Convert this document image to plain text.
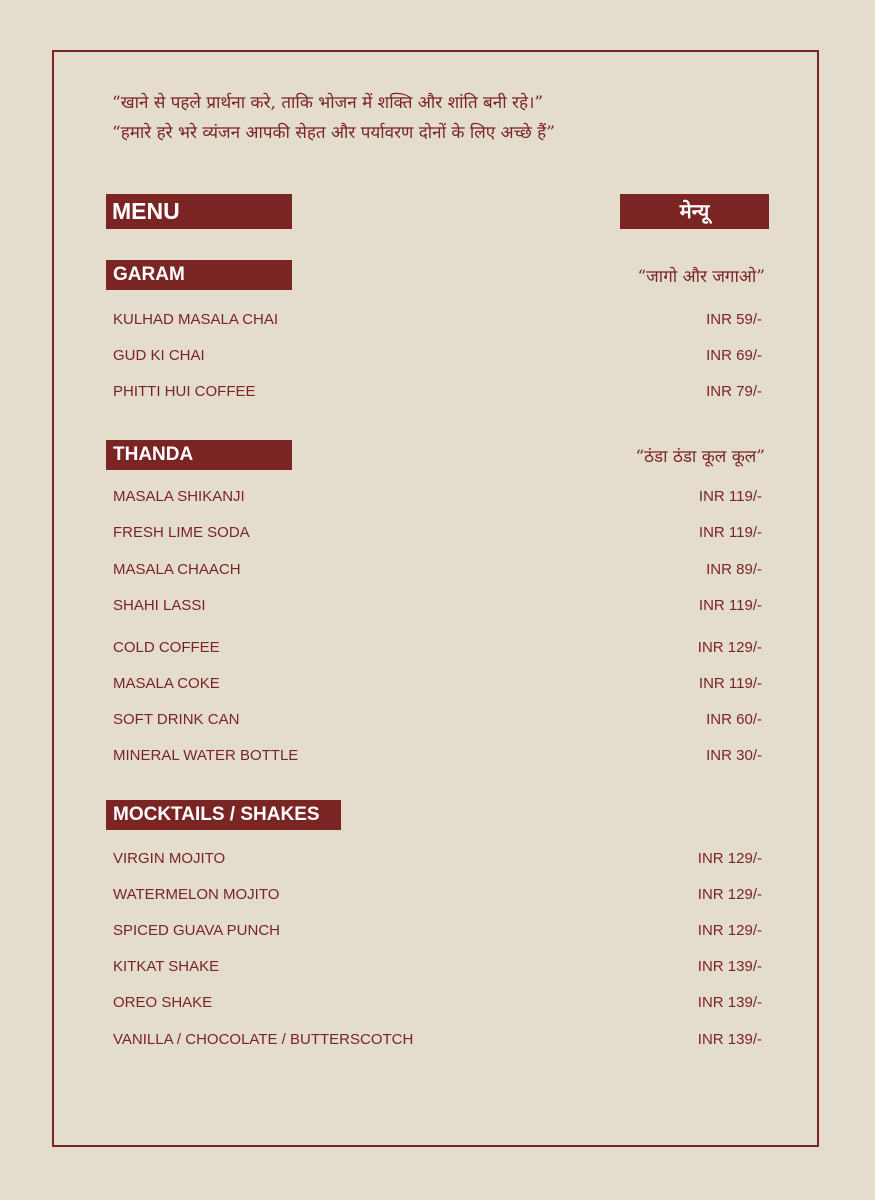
“खाने से पहले प्रार्थना करे, ताकि भोजन में शक्ति और शांति बनी रहे।”
“हमारे हरे भरे व्यंजन आपकी सेहत और पर्यावरण दोनों के लिए अच्छे हैं”
MENU	मेन्यू
GARAM	“जागो और जगाओ”
KULHAD MASALA CHAI	INR 59/-
GUD KI CHAI	INR 69/-
PHITTI HUI COFFEE	INR 79/-
THANDA	“ठंडा ठंडा कूल कूल”
MASALA SHIKANJI	INR 119/-
FRESH LIME SODA	INR 119/-
MASALA CHAACH	INR 89/-
SHAHI LASSI	INR 119/-
COLD COFFEE	INR 129/-
MASALA COKE	INR 119/-
SOFT DRINK CAN	INR 60/-
MINERAL WATER BOTTLE	INR 30/-
MOCKTAILS / SHAKES
VIRGIN MOJITO	INR 129/-
WATERMELON MOJITO	INR 129/-
SPICED GUAVA PUNCH	INR 129/-
KITKAT SHAKE	INR 139/-
OREO SHAKE	INR 139/-
VANILLA / CHOCOLATE / BUTTERSCOTCH	INR 139/-
